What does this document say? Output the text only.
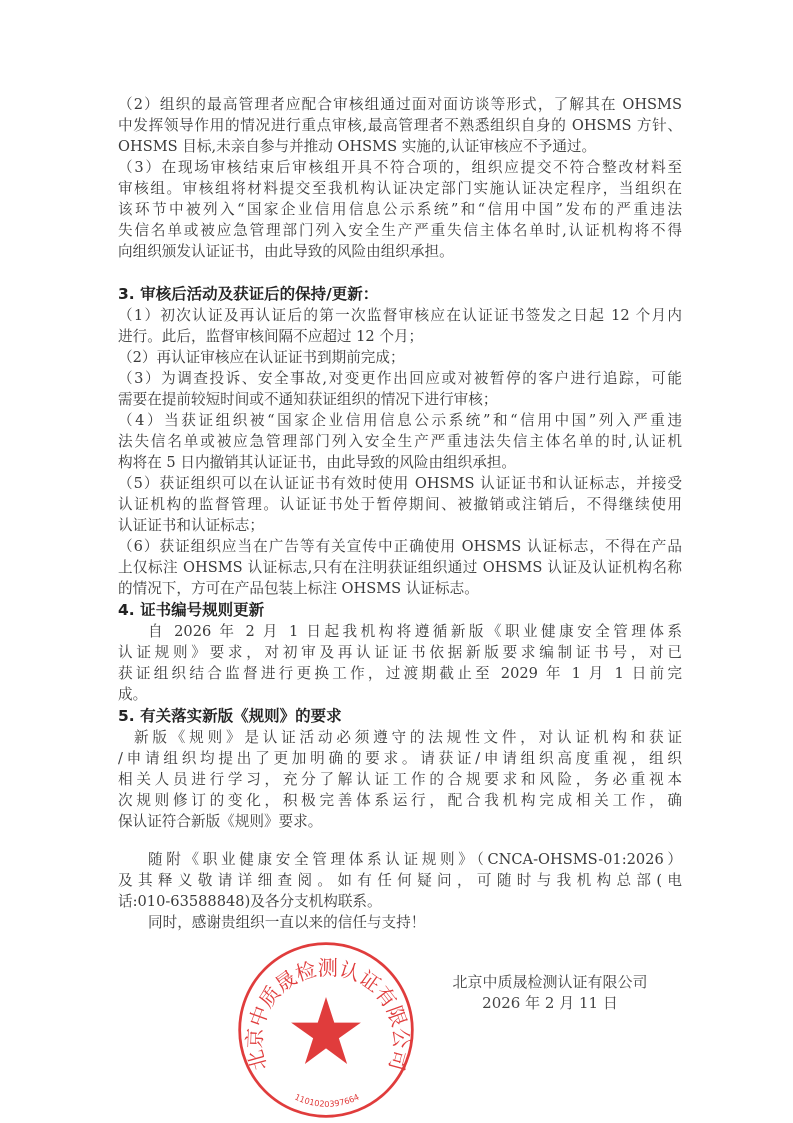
（2）组织的最高管理者应配合审核组通过面对面访谈等形式，了解其在 OHSMS
中发挥领导作用的情况进行重点审核,最高管理者不熟悉组织自身的 OHSMS 方针、
OHSMS 目标,未亲自参与并推动 OHSMS 实施的,认证审核应不予通过。
（3）在现场审核结束后审核组开具不符合项的，组织应提交不符合整改材料至
审核组。审核组将材料提交至我机构认证决定部门实施认证决定程序，当组织在
该环节中被列入“国家企业信用信息公示系统”和“信用中国”发布的严重违法
失信名单或被应急管理部门列入安全生产严重失信主体名单时,认证机构将不得
向组织颁发认证证书，由此导致的风险由组织承担。
3. 审核后活动及获证后的保持/更新：
（1）初次认证及再认证后的第一次监督审核应在认证证书签发之日起 12 个月内
进行。此后，监督审核间隔不应超过 12 个月；
（2）再认证审核应在认证证书到期前完成；
（3）为调查投诉、安全事故,对变更作出回应或对被暂停的客户进行追踪，可能
需要在提前较短时间或不通知获证组织的情况下进行审核；
（4）当获证组织被“国家企业信用信息公示系统”和“信用中国”列入严重违
法失信名单或被应急管理部门列入安全生产严重违法失信主体名单的时,认证机
构将在 5 日内撤销其认证证书，由此导致的风险由组织承担。
（5）获证组织可以在认证证书有效时使用 OHSMS 认证证书和认证标志，并接受
认证机构的监督管理。认证证书处于暂停期间、被撤销或注销后，不得继续使用
认证证书和认证标志；
（6）获证组织应当在广告等有关宣传中正确使用 OHSMS 认证标志，不得在产品
上仅标注 OHSMS 认证标志,只有在注明获证组织通过 OHSMS 认证及认证机构名称
的情况下，方可在产品包装上标注 OHSMS 认证标志。
4. 证书编号规则更新
自 2026 年 2 月 1 日起我机构将遵循新版《职业健康安全管理体系
认证规则》要求，对初审及再认证证书依据新版要求编制证书号，对已
获证组织结合监督进行更换工作，过渡期截止至 2029 年 1 月 1 日前完
成。
5. 有关落实新版《规则》的要求
新版《规则》是认证活动必须遵守的法规性文件，对认证机构和获证
/申请组织均提出了更加明确的要求。请获证/申请组织高度重视，组织
相关人员进行学习，充分了解认证工作的合规要求和风险，务必重视本
次规则修订的变化，积极完善体系运行，配合我机构完成相关工作，确
保认证符合新版《规则》要求。
随附《职业健康安全管理体系认证规则》（CNCA-OHSMS-01:2026）
及其释义敬请详细查阅。如有任何疑问，可随时与我机构总部(电
话:010-63588848)及各分支机构联系。
同时，感谢贵组织一直以来的信任与支持！
北京中质晟检测认证有限公司
2026 年 2 月 11 日
北京中质晟检测认证有限公司
1101020397664
